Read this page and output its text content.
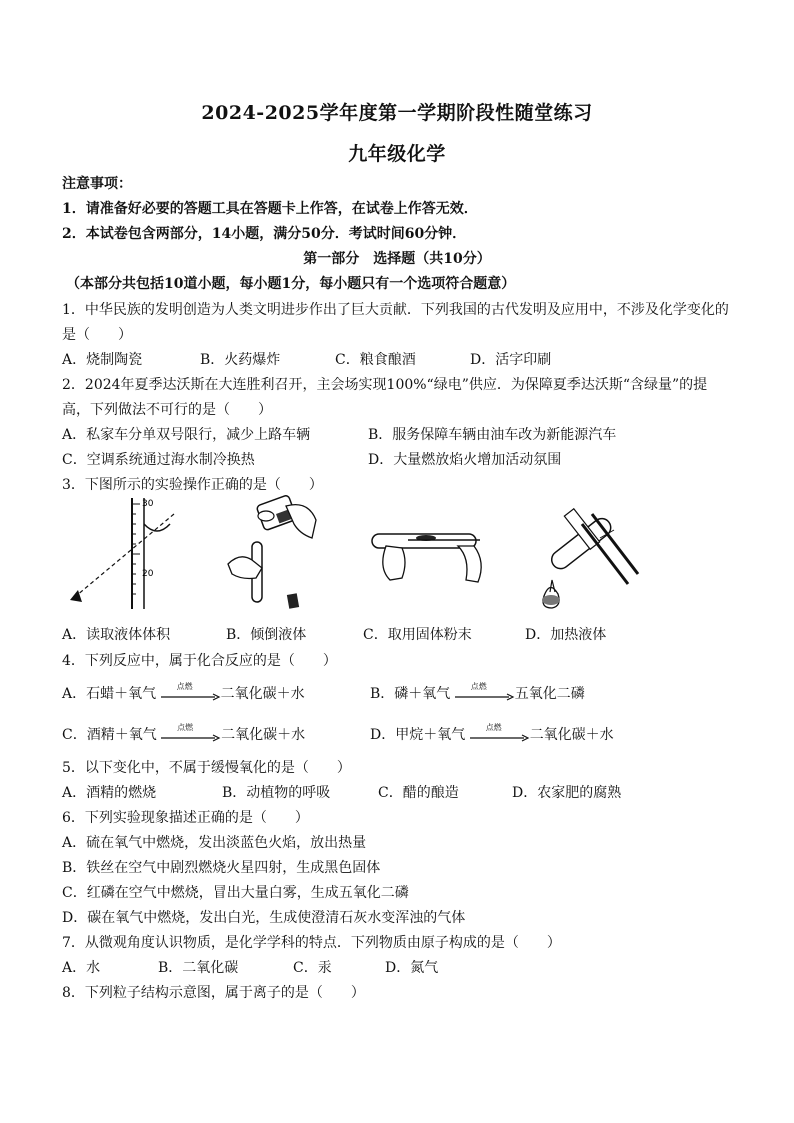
2024-2025学年度第一学期阶段性随堂练习
九年级化学
注意事项：
1．请准备好必要的答题工具在答题卡上作答，在试卷上作答无效．
2．本试卷包含两部分，14小题，满分50分．考试时间60分钟．
第一部分　选择题（共10分）
（本部分共包括10道小题，每小题1分，每小题只有一个选项符合题意）
1．中华民族的发明创造为人类文明进步作出了巨大贡献．下列我国的古代发明及应用中，不涉及化学变化的
是（　　）
A．烧制陶瓷	B．火药爆炸	C．粮食酿酒	D．活字印刷
2．2024年夏季达沃斯在大连胜利召开，主会场实现100%“绿电”供应．为保障夏季达沃斯“含绿量”的提
高，下列做法不可行的是（　　）
A．私家车分单双号限行，减少上路车辆	B．服务保障车辆由油车改为新能源汽车
C．空调系统通过海水制冷换热	D．大量燃放焰火增加活动氛围
3．下图所示的实验操作正确的是（　　）
30
20
A．读取液体体积	B．倾倒液体	C．取用固体粉末	D．加热液体
4．下列反应中，属于化合反应的是（　　）
A．石蜡＋氧气	点燃 二氧化碳＋水	B．磷＋氧气	点燃 五氧化二磷
C．酒精＋氧气	点燃 二氧化碳＋水	D．甲烷＋氧气	点燃 二氧化碳＋水
5．以下变化中，不属于缓慢氧化的是（　　）
A．酒精的燃烧	B．动植物的呼吸	C．醋的酿造	D．农家肥的腐熟
6．下列实验现象描述正确的是（　　）
A．硫在氧气中燃烧，发出淡蓝色火焰，放出热量
B．铁丝在空气中剧烈燃烧火星四射，生成黑色固体
C．红磷在空气中燃烧，冒出大量白雾，生成五氧化二磷
D．碳在氧气中燃烧，发出白光，生成使澄清石灰水变浑浊的气体
7．从微观角度认识物质，是化学学科的特点．下列物质由原子构成的是（　　）
A．水	B．二氧化碳	C．汞	D．氮气
8．下列粒子结构示意图，属于离子的是（　　）
